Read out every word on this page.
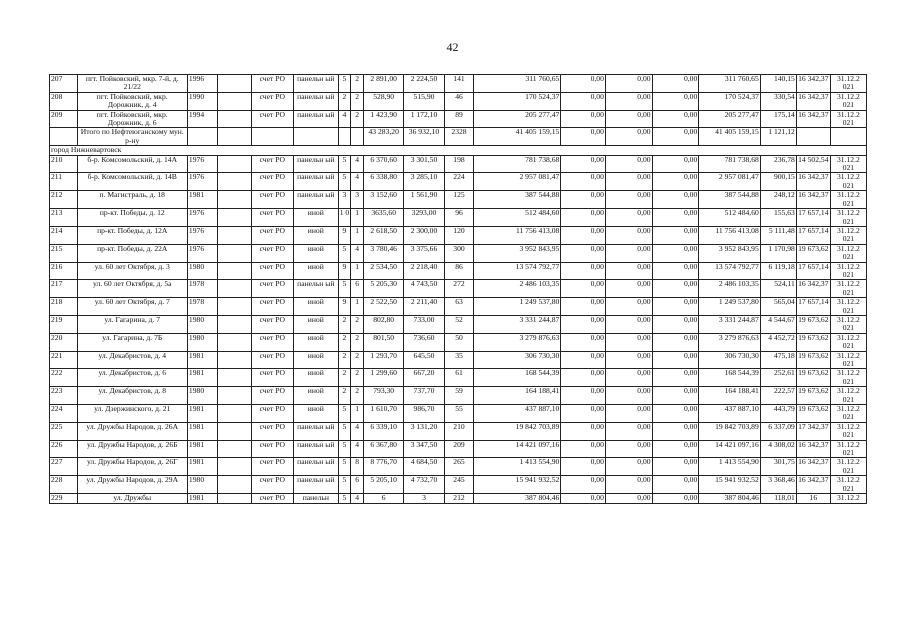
42
207	пгт. Пойковский, мкр. 7-й, д. 21/22	1996		счет РО	панельн ый	5	2	2 891,00	2 224,50	141	311 760,65	0,00	0,00	0,00	311 760,65	140,15	16 342,37	31.12.2 021
208	пгт. Пойковский, мкр. Дорожник, д. 4	1990		счет РО	панельн ый	2	2	528,90	515,90	46	170 524,37	0,00	0,00	0,00	170 524,37	330,54	16 342,37	31.12.2 021
209	пгт. Пойковский, мкр. Дорожник, д. 6	1994		счет РО	панельн ый	4	2	1 423,90	1 172,10	89	205 277,47	0,00	0,00	0,00	205 277,47	175,14	16 342,37	31.12.2 021
	Итого по Нефтеюганскому мун. р-ну							43 283,20	36 932,10	2328	41 405 159,15	0,00	0,00	0,00	41 405 159,15	1 121,12		
город Нижневартовск																		
210	б-р. Комсомольский, д. 14А	1976		счет РО	панельн ый	5	4	6 370,60	3 301,50	198	781 738,68	0,00	0,00	0,00	781 738,68	236,78	14 502,54	31.12.2 021
211	б-р. Комсомольский, д. 14В	1976		счет РО	панельн ый	5	4	6 338,80	3 285,10	224	2 957 081,47	0,00	0,00	0,00	2 957 081,47	900,15	16 342,37	31.12.2 021
212	п. Магистраль, д. 18	1981		счет РО	панельн ый	3	3	3 152,60	1 561,90	125	387 544,88	0,00	0,00	0,00	387 544,88	248,12	16 342,37	31.12.2 021
213	пр-кт. Победы, д. 12	1976		счет РО	иной	1 0	1	3635,60	3293,00	96	512 484,60	0,00	0,00	0,00	512 484,60	155,63	17 657,14	31.12.2 021
214	пр-кт. Победы, д. 12А	1976		счет РО	иной	9	1	2 618,50	2 300,00	120	11 756 413,08	0,00	0,00	0,00	11 756 413,08	5 111,48	17 657,14	31.12.2 021
215	пр-кт. Победы, д. 22А	1976		счет РО	иной	5	4	3 780,46	3 375,66	300	3 952 843,95	0,00	0,00	0,00	3 952 843,95	1 170,98	19 673,62	31.12.2 021
216	ул. 60 лет Октября, д. 3	1980		счет РО	иной	9	1	2 534,50	2 218,40	86	13 574 792,77	0,00	0,00	0,00	13 574 792,77	6 119,18	17 657,14	31.12.2 021
217	ул. 60 лет Октября, д. 5а	1978		счет РО	панельн ый	5	6	5 205,30	4 743,50	272	2 486 103,35	0,00	0,00	0,00	2 486 103,35	524,11	16 342,37	31.12.2 021
218	ул. 60 лет Октября, д. 7	1978		счет РО	иной	9	1	2 522,50	2 211,40	63	1 249 537,80	0,00	0,00	0,00	1 249 537,80	565,04	17 657,14	31.12.2 021
219	ул. Гагарина, д. 7	1980		счет РО	иной	2	2	802,80	733,00	52	3 331 244,87	0,00	0,00	0,00	3 331 244,87	4 544,67	19 673,62	31.12.2 021
220	ул. Гагарина, д. 7Б	1980		счет РО	иной	2	2	801,50	736,60	50	3 279 876,63	0,00	0,00	0,00	3 279 876,63	4 452,72	19 673,62	31.12.2 021
221	ул. Декабристов, д. 4	1981		счет РО	иной	2	2	1 293,70	645,50	35	306 730,30	0,00	0,00	0,00	306 730,30	475,18	19 673,62	31.12.2 021
222	ул. Декабристов, д. 6	1981		счет РО	иной	2	2	1 299,60	667,20	61	168 544,39	0,00	0,00	0,00	168 544,39	252,61	19 673,62	31.12.2 021
223	ул. Декабристов, д. 8	1980		счет РО	иной	2	2	793,30	737,70	59	164 188,41	0,00	0,00	0,00	164 188,41	222,57	19 673,62	31.12.2 021
224	ул. Дзержинского, д. 21	1981		счет РО	иной	5	1	1 610,70	986,70	55	437 887,10	0,00	0,00	0,00	437 887,10	443,79	19 673,62	31.12.2 021
225	ул. Дружбы Народов, д. 26А	1981		счет РО	панельн ый	5	4	6 339,10	3 131,20	210	19 842 703,89	0,00	0,00	0,00	19 842 703,89	6 337,09	17 342,37	31.12.2 021
226	ул. Дружбы Народов, д. 26Б	1981		счет РО	панельн ый	5	4	6 367,80	3 347,50	209	14 421 097,16	0,00	0,00	0,00	14 421 097,16	4 308,02	16 342,37	31.12.2 021
227	ул. Дружбы Народов, д. 26Г	1981		счет РО	панельн ый	5	8	8 776,70	4 684,50	265	1 413 554,90	0,00	0,00	0,00	1 413 554,90	301,75	16 342,37	31.12.2 021
228	ул. Дружбы Народов, д. 29А	1980		счет РО	панельн ый	5	6	5 205,10	4 732,70	245	15 941 932,52	0,00	0,00	0,00	15 941 932,52	3 368,46	16 342,37	31.12.2 021
229	ул. Дружбы	1981		счет РО	панельн	5	4	6	3	212	387 804,46	0,00	0,00	0,00	387 804,46	118,01	16	31.12.2
